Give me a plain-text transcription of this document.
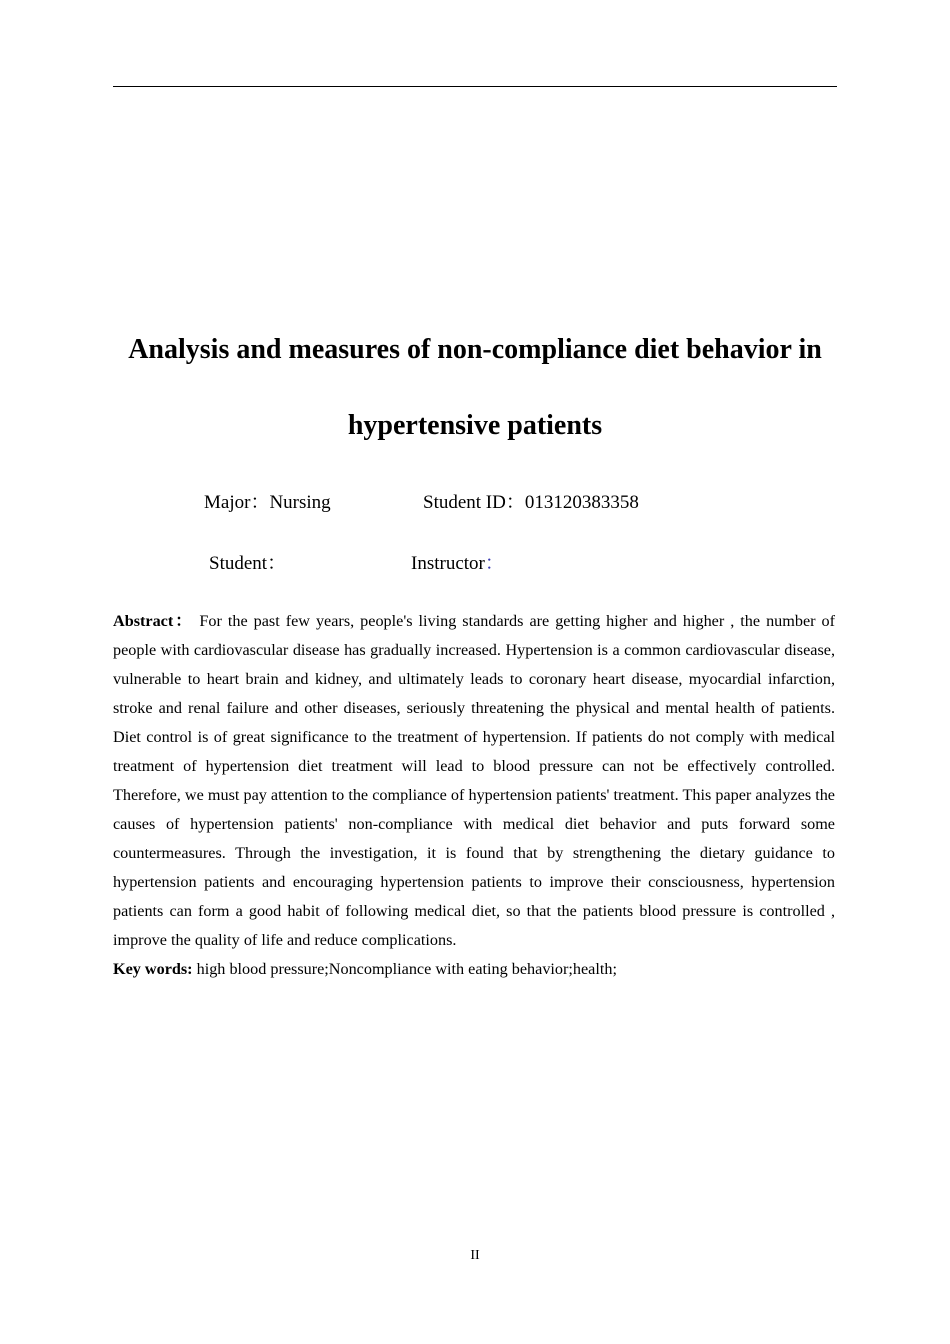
Analysis and measures of non-compliance diet behavior in
hypertensive patients
Major：Nursing	Student ID：013120383358
Student：	Instructor：

Abstract： For the past few years, people's living standards are getting higher and higher , the number of people with cardiovascular disease has gradually increased. Hypertension is a common cardiovascular disease, vulnerable to heart brain and kidney, and ultimately leads to coronary heart disease, myocardial infarction, stroke and renal failure and other diseases, seriously threatening the physical and mental health of patients. Diet control is of great significance to the treatment of hypertension. If patients do not comply with medical treatment of hypertension diet treatment will lead to blood pressure can not be effectively controlled. Therefore, we must pay attention to the compliance of hypertension patients' treatment. This paper analyzes the causes of hypertension patients' non-compliance with medical diet behavior and puts forward some countermeasures. Through the investigation, it is found that by strengthening the dietary guidance to hypertension patients and encouraging hypertension patients to improve their consciousness, hypertension patients can form a good habit of following medical diet, so that the patients blood pressure is controlled , improve the quality of life and reduce complications.

Key words: high blood pressure;Noncompliance with eating behavior;health;

II
